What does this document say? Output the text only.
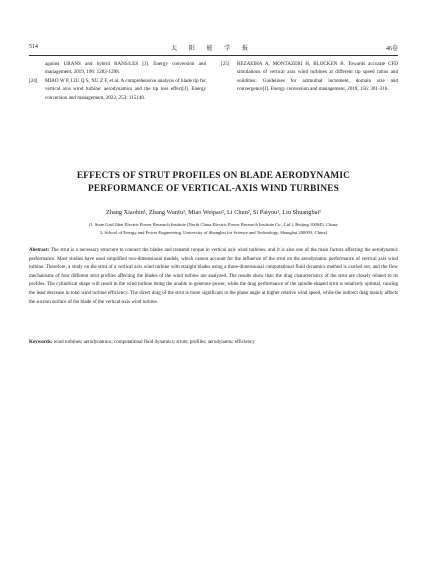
514	太 阳 能 学 报	46卷
against URANS and hybrid RANS/LES [J]. Energy conversion and management, 2019, 196: 1282-1298.
[24]	MIAO W P, LIU Q S, XU Z F, et al. A comprehensive analysis of blade tip for vertical axis wind turbine: aerodynamics and the tip loss effect[J]. Energy conversion and management, 2022, 253: 115140.
[25]	REZAEIHA A, MONTAZERI H, BLOCKEN B. Towards accurate CFD simulations of vertical axis wind turbines at different tip speed ratios and solidities: Guidelines for azimuthal increment, domain size and convergence[J]. Energy conversion and management, 2018, 156: 301-316.
EFFECTS OF STRUT PROFILES ON BLADE AERODYNAMIC
PERFORMANCE OF VERTICAL-AXIS WIND TURBINES
Zhang Xiaobin¹, Zhang Wanfu², Miao Weipao², Li Chun², Si Paiyou¹, Liu Shuangbai¹
(1. State Grid Jibei Electric Power Research Institute (North China Electric Power Research Institute Co., Ltd.), Beijing 100045, China;
2. School of Energy and Power Engineering, University of Shanghai for Science and Technology, Shanghai 200093, China)
Abstract: The strut is a necessary structure to connect the blades and transmit torque in vertical axis wind turbines, and it is also one of the main factors affecting the aerodynamic performance. Most studies have used simplified two-dimensional models, which cannot account for the influence of the strut on the aerodynamic performance of vertical axis wind turbine. Therefore, a study on the strut of a vertical axis wind turbine with straight blades using a three-dimensional computational fluid dynamics method is carried out, and the flow mechanisms of four different strut profiles affecting the blades of the wind turbine are analyzed. The results show that: the drag characteristics of the strut are closely related to its profiles. The cylindrical shape will result in the wind turbine being the unable to generate power, while the drag performance of the spindle-shaped strut is relatively optimal, causing the least decrease in total wind turbine efficiency. The direct drag of the strut is more significant in the phase angle at higher relative wind speed, while the indirect drag mainly affects the suction surface of the blade of the vertical-axis wind turbine.
Keywords: wind turbines; aerodynamics; computational fluid dynamics; struts; profiles; aerodynamic efficiency
